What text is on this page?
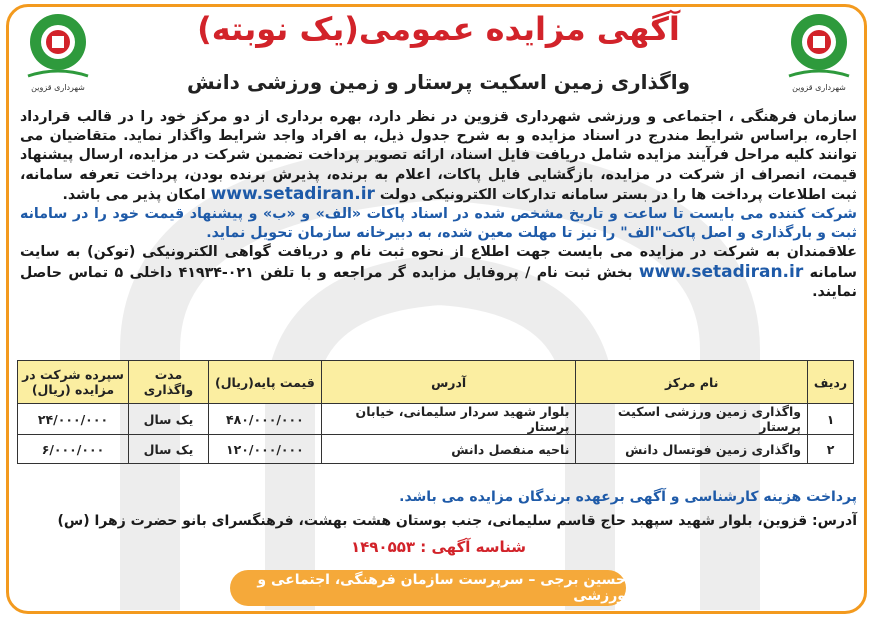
شهرداری قزوین	شهرداری قزوین
آگهی مزایده عمومی(یک نوبته)
واگذاری زمین اسکیت پرستار و زمین ورزشی دانش

سازمان فرهنگی ، اجتماعی و ورزشی شهرداری قزوین در نظر دارد، بهره برداری از دو مرکز خود را در قالب قرارداد اجاره، براساس شرایط مندرج در اسناد مزایده و به شرح جدول ذیل، به افراد واجد شرایط واگذار نماید. متقاضیان می توانند کلیه مراحل فرآیند مزایده شامل دریافت فایل اسناد، ارائه تصویر پرداخت تضمین شرکت در مزایده، ارسال پیشنهاد قیمت، انصراف از شرکت در مزایده، بازگشایی فایل پاکات، اعلام به برنده، پذیرش برنده بودن، پرداخت تعرفه سامانه، ثبت اطلاعات پرداخت ها را در بستر سامانه تدارکات الکترونیکی دولت www.setadiran.ir امکان پذیر می باشد.

شرکت کننده می بایست تا ساعت و تاریخ مشخص شده در اسناد پاکات «الف» و «ب» و پیشنهاد قیمت خود را در سامانه ثبت و بارگذاری و اصل پاکت"الف" را نیز تا مهلت معین شده، به دبیرخانه سازمان تحویل نماید.

علاقمندان به شرکت در مزایده می بایست جهت اطلاع از نحوه ثبت نام و دریافت گواهی الکترونیکی (توکن) به سایت سامانه www.setadiran.ir بخش ثبت نام / پروفایل مزایده گر مراجعه و با تلفن ۰۲۱-۴۱۹۳۴ داخلی ۵ تماس حاصل نمایند.

ردیف	نام مرکز	آدرس	قیمت پایه(ریال)	مدت واگذاری	سپرده شرکت در مزایده (ریال)
۱	واگذاری زمین ورزشی اسکیت پرستار	بلوار شهید سردار سلیمانی، خیابان پرستار	۴۸۰/۰۰۰/۰۰۰	یک سال	۲۴/۰۰۰/۰۰۰
۲	واگذاری زمین فوتسال دانش	ناحیه منفصل دانش	۱۲۰/۰۰۰/۰۰۰	یک سال	۶/۰۰۰/۰۰۰
پرداخت هزینه کارشناسی و آگهی برعهده برندگان مزایده می باشد.
آدرس: قزوین، بلوار شهید سپهبد حاج قاسم سلیمانی، جنب بوستان هشت بهشت، فرهنگسرای بانو حضرت زهرا (س)
شناسه آگهی : ۱۴۹۰۵۵۳
حسین برجی – سرپرست سازمان فرهنگی، اجتماعی و ورزشی
